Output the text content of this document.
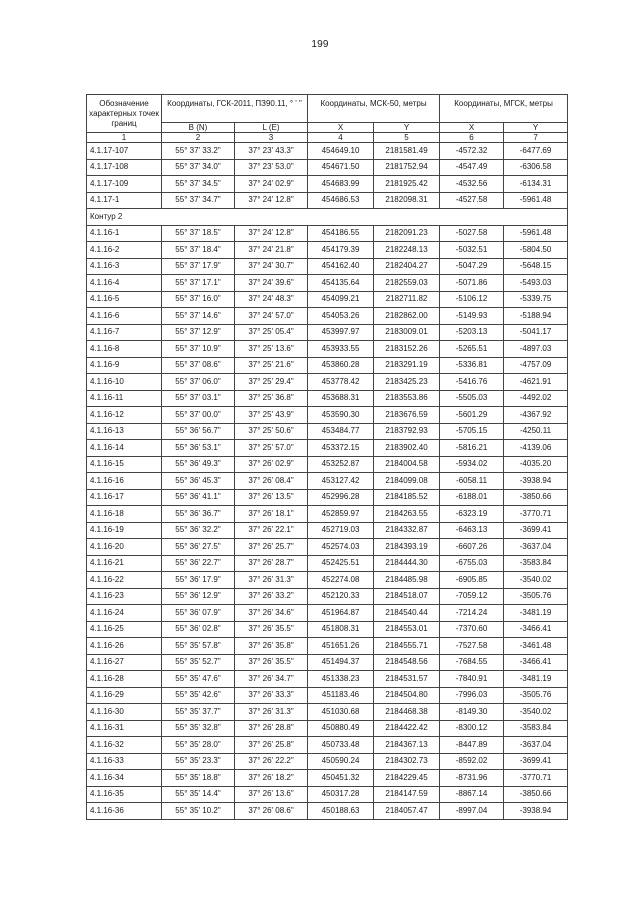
199
Обозначение характерных точек границ	Координаты, ГСК-2011, ПЗ90.11, ° ' "		Координаты, МСК-50, метры		Координаты, МГСК, метры	
	B (N)	L (E)	X	Y	X	Y
1	2	3	4	5	6	7
4.1.17-107	55° 37' 33.2"	37° 23' 43.3"	454649.10	2181581.49	-4572.32	-6477.69
4.1.17-108	55° 37' 34.0"	37° 23' 53.0"	454671.50	2181752.94	-4547.49	-6306.58
4.1.17-109	55° 37' 34.5"	37° 24' 02.9"	454683.99	2181925.42	-4532.56	-6134.31
4.1.17-1	55° 37' 34.7"	37° 24' 12.8"	454686.53	2182098.31	-4527.58	-5961.48
Контур 2						
4.1.16-1	55° 37' 18.5"	37° 24' 12.8"	454186.55	2182091.23	-5027.58	-5961.48
4.1.16-2	55° 37' 18.4"	37° 24' 21.8"	454179.39	2182248.13	-5032.51	-5804.50
4.1.16-3	55° 37' 17.9"	37° 24' 30.7"	454162.40	2182404.27	-5047.29	-5648.15
4.1.16-4	55° 37' 17.1"	37° 24' 39.6"	454135.64	2182559.03	-5071.86	-5493.03
4.1.16-5	55° 37' 16.0"	37° 24' 48.3"	454099.21	2182711.82	-5106.12	-5339.75
4.1.16-6	55° 37' 14.6"	37° 24' 57.0"	454053.26	2182862.00	-5149.93	-5188.94
4.1.16-7	55° 37' 12.9"	37° 25' 05.4"	453997.97	2183009.01	-5203.13	-5041.17
4.1.16-8	55° 37' 10.9"	37° 25' 13.6"	453933.55	2183152.26	-5265.51	-4897.03
4.1.16-9	55° 37' 08.6"	37° 25' 21.6"	453860.28	2183291.19	-5336.81	-4757.09
4.1.16-10	55° 37' 06.0"	37° 25' 29.4"	453778.42	2183425.23	-5416.76	-4621.91
4.1.16-11	55° 37' 03.1"	37° 25' 36.8"	453688.31	2183553.86	-5505.03	-4492.02
4.1.16-12	55° 37' 00.0"	37° 25' 43.9"	453590.30	2183676.59	-5601.29	-4367.92
4.1.16-13	55° 36' 56.7"	37° 25' 50.6"	453484.77	2183792.93	-5705.15	-4250.11
4.1.16-14	55° 36' 53.1"	37° 25' 57.0"	453372.15	2183902.40	-5816.21	-4139.06
4.1.16-15	55° 36' 49.3"	37° 26' 02.9"	453252.87	2184004.58	-5934.02	-4035.20
4.1.16-16	55° 36' 45.3"	37° 26' 08.4"	453127.42	2184099.08	-6058.11	-3938.94
4.1.16-17	55° 36' 41.1"	37° 26' 13.5"	452996.28	2184185.52	-6188.01	-3850.66
4.1.16-18	55° 36' 36.7"	37° 26' 18.1"	452859.97	2184263.55	-6323.19	-3770.71
4.1.16-19	55° 36' 32.2"	37° 26' 22.1"	452719.03	2184332.87	-6463.13	-3699.41
4.1.16-20	55° 36' 27.5"	37° 26' 25.7"	452574.03	2184393.19	-6607.26	-3637.04
4.1.16-21	55° 36' 22.7"	37° 26' 28.7"	452425.51	2184444.30	-6755.03	-3583.84
4.1.16-22	55° 36' 17.9"	37° 26' 31.3"	452274.08	2184485.98	-6905.85	-3540.02
4.1.16-23	55° 36' 12.9"	37° 26' 33.2"	452120.33	2184518.07	-7059.12	-3505.76
4.1.16-24	55° 36' 07.9"	37° 26' 34.6"	451964.87	2184540.44	-7214.24	-3481.19
4.1.16-25	55° 36' 02.8"	37° 26' 35.5"	451808.31	2184553.01	-7370.60	-3466.41
4.1.16-26	55° 35' 57.8"	37° 26' 35.8"	451651.26	2184555.71	-7527.58	-3461.48
4.1.16-27	55° 35' 52.7"	37° 26' 35.5"	451494.37	2184548.56	-7684.55	-3466.41
4.1.16-28	55° 35' 47.6"	37° 26' 34.7"	451338.23	2184531.57	-7840.91	-3481.19
4.1.16-29	55° 35' 42.6"	37° 26' 33.3"	451183.46	2184504.80	-7996.03	-3505.76
4.1.16-30	55° 35' 37.7"	37° 26' 31.3"	451030.68	2184468.38	-8149.30	-3540.02
4.1.16-31	55° 35' 32.8"	37° 26' 28.8"	450880.49	2184422.42	-8300.12	-3583.84
4.1.16-32	55° 35' 28.0"	37° 26' 25.8"	450733.48	2184367.13	-8447.89	-3637.04
4.1.16-33	55° 35' 23.3"	37° 26' 22.2"	450590.24	2184302.73	-8592.02	-3699.41
4.1.16-34	55° 35' 18.8"	37° 26' 18.2"	450451.32	2184229.45	-8731.96	-3770.71
4.1.16-35	55° 35' 14.4"	37° 26' 13.6"	450317.28	2184147.59	-8867.14	-3850.66
4.1.16-36	55° 35' 10.2"	37° 26' 08.6"	450188.63	2184057.47	-8997.04	-3938.94
